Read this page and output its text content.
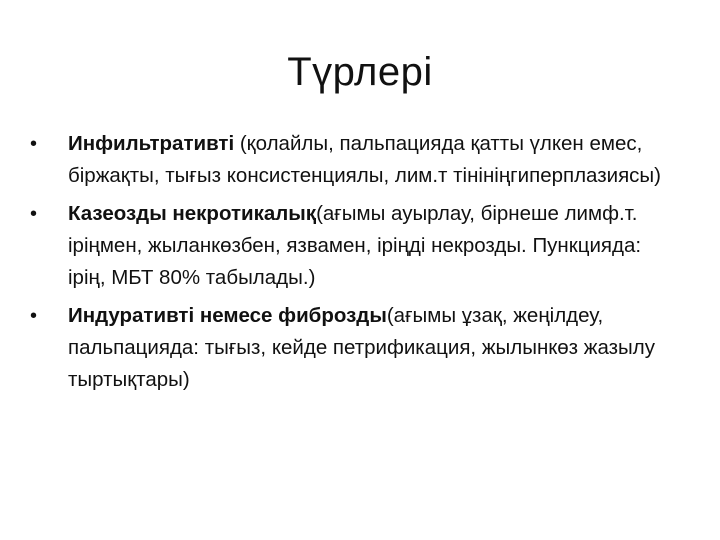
Түрлері
•	Инфильтративті (қолайлы, пальпацияда қатты үлкен емес, біржақты, тығыз консистенциялы, лим.т тінініңгиперплазиясы)
•	Казеозды некротикалық(ағымы ауырлау, бірнеше лимф.т. іріңмен, жыланкөзбен, язвамен, іріңді некрозды. Пункцияда: ірің, МБТ 80% табылады.)
•	Индуративті немесе фиброзды(ағымы ұзақ, жеңілдеу, пальпацияда: тығыз, кейде петрификация, жылынкөз жазылу тыртықтары)
